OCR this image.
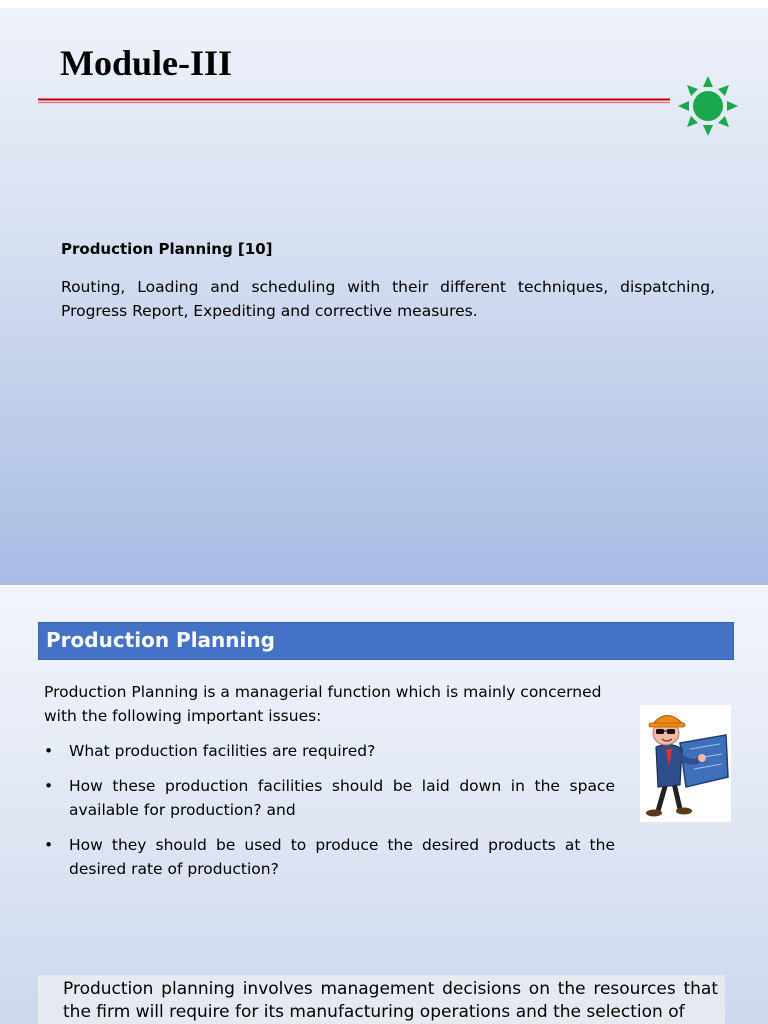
Module-III

Production Planning [10]

Routing, Loading and scheduling with their different techniques, dispatching, Progress Report, Expediting and corrective measures.

Production Planning

Production Planning is a managerial function which is mainly concerned with the following important issues:

• What production facilities are required?
• How these production facilities should be laid down in the space available for production? and
• How they should be used to produce the desired products at the desired rate of production?

Production planning involves management decisions on the resources that the firm will require for its manufacturing operations and the selection of
